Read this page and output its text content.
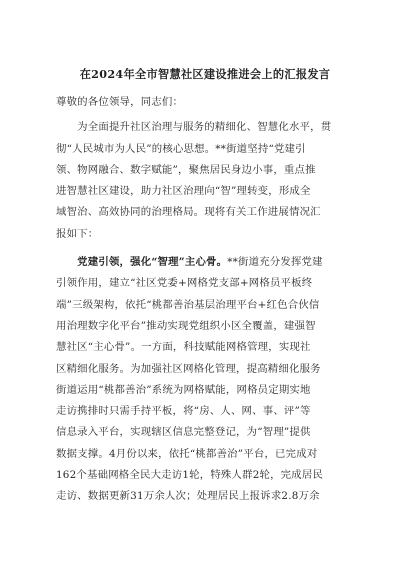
在2024年全市智慧社区建设推进会上的汇报发言
尊敬的各位领导，同志们：
　　为全面提升社区治理与服务的精细化、智慧化水平，贯
彻“人民城市为人民”的核心思想。**街道坚持“党建引
领、物网融合、数字赋能”，聚焦居民身边小事，重点推
进智慧社区建设，助力社区治理向“智”理转变，形成全
域智治、高效协同的治理格局。现将有关工作进展情况汇
报如下：
　　党建引领，强化“智理”主心骨。**街道充分发挥党建
引领作用，建立“社区党委+网格党支部+网格员平板终
端”三级架构，依托“桃都善治基层治理平台+红色合伙信
用治理数字化平台”推动实现党组织小区全覆盖，建强智
慧社区“主心骨”。一方面，科技赋能网格管理，实现社
区精细化服务。为加强社区网格化管理，提高精细化服务
街道运用“桃都善治”系统为网格赋能，网格员定期实地
走访携排时只需手持平板，将“房、人、网、事、评”等
信息录入平台，实现辖区信息完整登记，为“智理”提供
数据支撑。4月份以来，依托“桃都善治”平台，已完成对
162个基础网格全民大走访1轮，特殊人群2轮，完成居民
走访、数据更新31万余人次；处理居民上报诉求2.8万余
